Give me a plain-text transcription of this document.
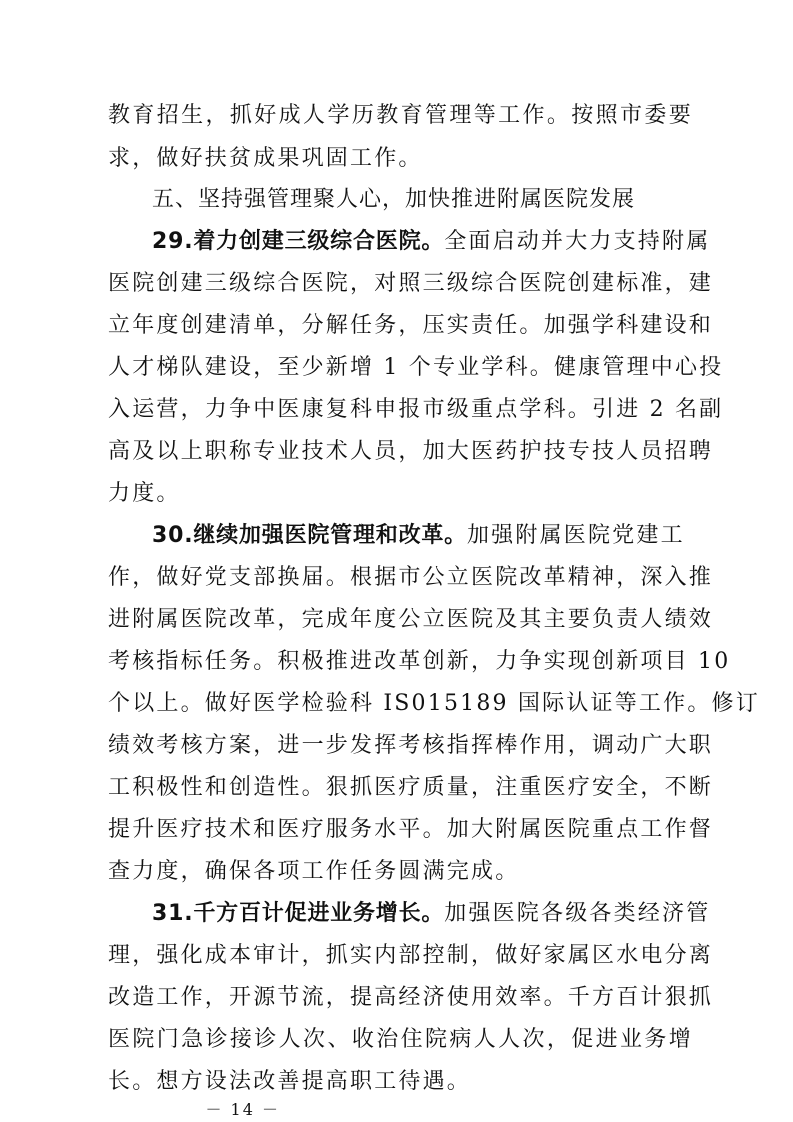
教育招生，抓好成人学历教育管理等工作。按照市委要
求，做好扶贫成果巩固工作。
五、坚持强管理聚人心，加快推进附属医院发展
29.着力创建三级综合医院。全面启动并大力支持附属
医院创建三级综合医院，对照三级综合医院创建标准，建
立年度创建清单，分解任务，压实责任。加强学科建设和
人才梯队建设，至少新增 1 个专业学科。健康管理中心投
入运营，力争中医康复科申报市级重点学科。引进 2 名副
高及以上职称专业技术人员，加大医药护技专技人员招聘
力度。
30.继续加强医院管理和改革。加强附属医院党建工
作，做好党支部换届。根据市公立医院改革精神，深入推
进附属医院改革，完成年度公立医院及其主要负责人绩效
考核指标任务。积极推进改革创新，力争实现创新项目 10
个以上。做好医学检验科 IS015189 国际认证等工作。修订
绩效考核方案，进一步发挥考核指挥棒作用，调动广大职
工积极性和创造性。狠抓医疗质量，注重医疗安全，不断
提升医疗技术和医疗服务水平。加大附属医院重点工作督
查力度，确保各项工作任务圆满完成。
31.千方百计促进业务增长。加强医院各级各类经济管
理，强化成本审计，抓实内部控制，做好家属区水电分离
改造工作，开源节流，提高经济使用效率。千方百计狠抓
－ 14 －
医院门急诊接诊人次、收治住院病人人次，促进业务增
长。想方设法改善提高职工待遇。
